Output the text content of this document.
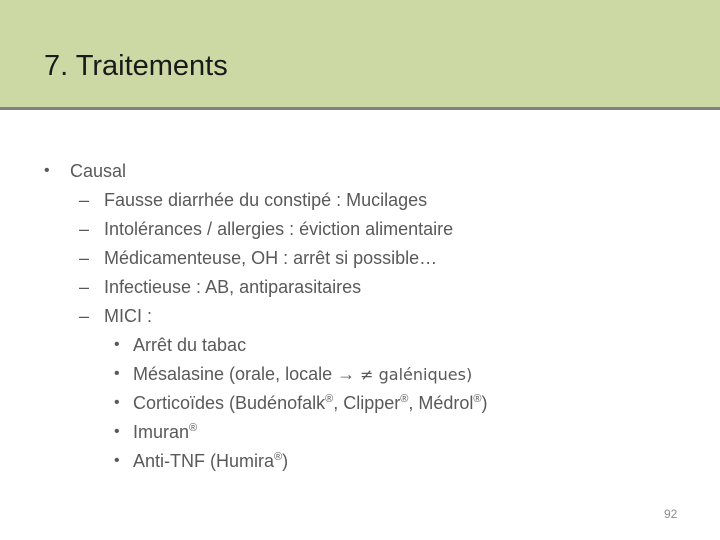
7. Traitements
• Causal
– Fausse diarrhée du constipé : Mucilages
– Intolérances / allergies : éviction alimentaire
– Médicamenteuse, OH : arrêt si possible…
– Infectieuse : AB, antiparasitaires
– MICI :
• Arrêt du tabac
• Mésalasine (orale, locale → ≠ galéniques)
• Corticoïdes (Budénofalk®, Clipper®, Médrol®)
• Imuran®
• Anti-TNF (Humira®)
92
